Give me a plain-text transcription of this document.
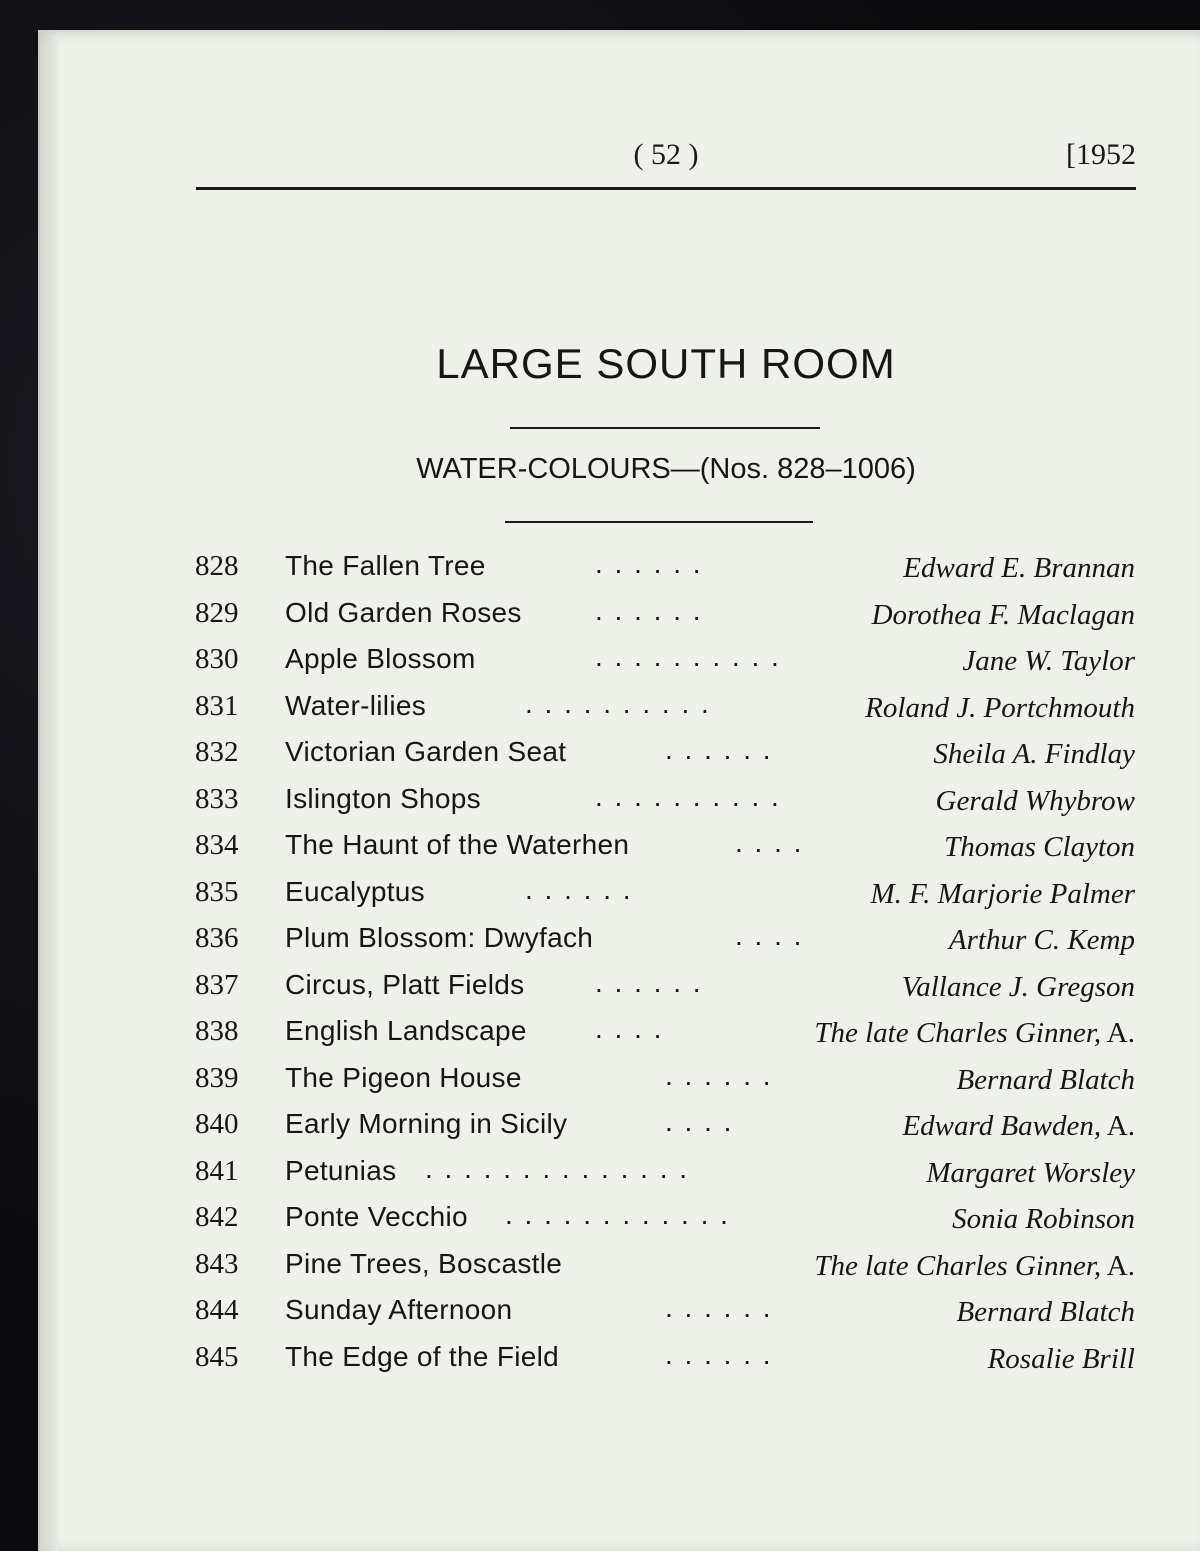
( 52 )	[1952
LARGE SOUTH ROOM
WATER-COLOURS—(Nos. 828–1006)
828 The Fallen Tree	. . . . . .	Edward E. Brannan
829 Old Garden Roses	. . . . . .	Dorothea F. Maclagan
830 Apple Blossom	. . . . . . . . . .	Jane W. Taylor
831 Water-lilies	. . . . . . . . . .	Roland J. Portchmouth
832 Victorian Garden Seat	. . . . . .	Sheila A. Findlay
833 Islington Shops	. . . . . . . . . .	Gerald Whybrow
834 The Haunt of the Waterhen	. . . .	Thomas Clayton
835 Eucalyptus	. . . . . .	M. F. Marjorie Palmer
836 Plum Blossom: Dwyfach	. . . .	Arthur C. Kemp
837 Circus, Platt Fields	. . . . . .	Vallance J. Gregson
838 English Landscape . . . .	The late Charles Ginner, A.
839 The Pigeon House	. . . . . .	Bernard Blatch
840 Early Morning in Sicily	. . . .	Edward Bawden, A.
841 Petunias . . . . . . . . . . . . . .	Margaret Worsley
842 Ponte Vecchio . . . . . . . . . . . .	Sonia Robinson
843 Pine Trees, Boscastle	The late Charles Ginner, A.
844 Sunday Afternoon	. . . . . .	Bernard Blatch
845 The Edge of the Field	. . . . . .	Rosalie Brill
